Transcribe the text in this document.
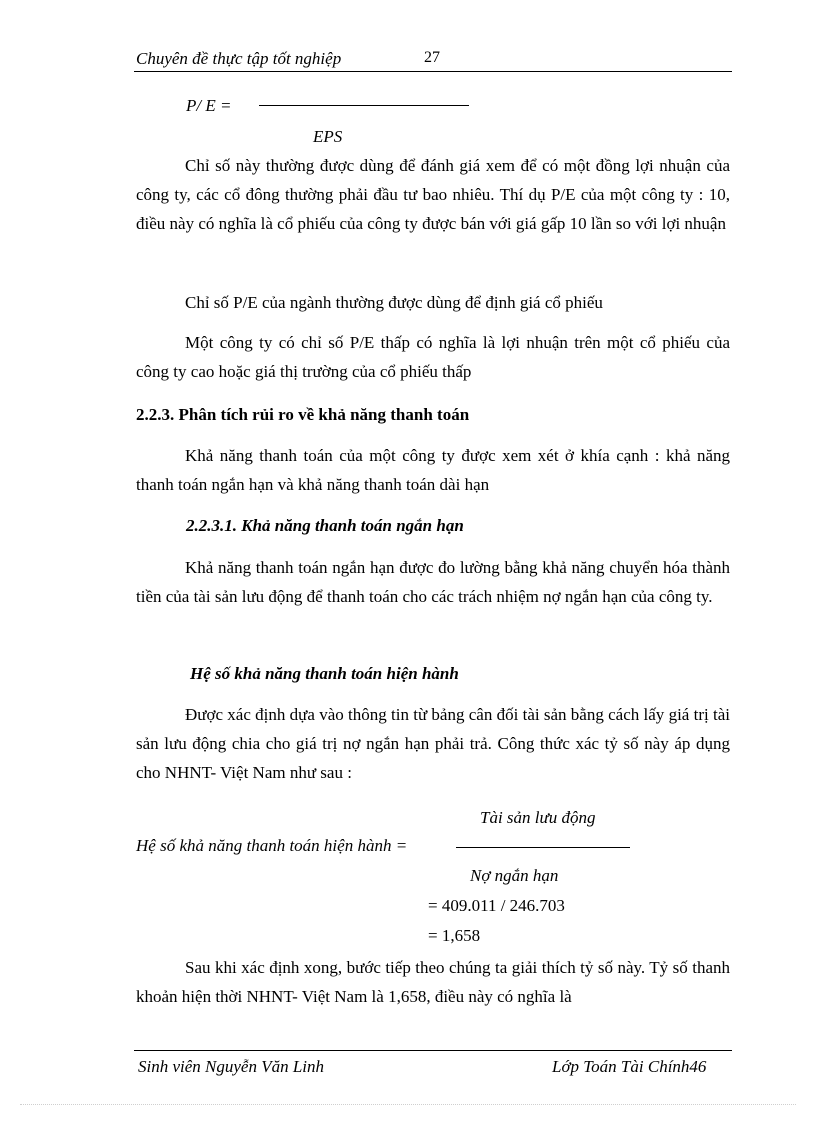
Chuyên đề thực tập tốt nghiệp	27
P/ E =
EPS

Chỉ số này thường được dùng để đánh giá xem để có một đồng lợi nhuận của công ty, các cổ đông thường phải đầu tư bao nhiêu. Thí dụ P/E của một công ty : 10, điều này có nghĩa là cổ phiếu của công ty được bán với giá gấp 10 lần so với lợi nhuận

Chỉ số P/E của ngành thường được dùng để định giá cổ phiếu

Một công ty có chỉ số P/E thấp có nghĩa là lợi nhuận trên một cổ phiếu của công ty cao hoặc giá thị trường của cổ phiếu thấp

2.2.3. Phân tích rủi ro về khả năng thanh toán

Khả năng thanh toán của một công ty được xem xét ở khía cạnh : khả năng thanh toán ngắn hạn và khả năng thanh toán dài hạn

2.2.3.1. Khả năng thanh toán ngắn hạn

Khả năng thanh toán ngắn hạn được đo lường bằng khả năng chuyển hóa thành tiền của tài sản lưu động để thanh toán cho các trách nhiệm nợ ngắn hạn của công ty.

Hệ số khả năng thanh toán hiện hành

Được xác định dựa vào thông tin từ bảng cân đối tài sản bằng cách lấy giá trị tài sản lưu động chia cho giá trị nợ ngắn hạn phải trả. Công thức xác tỷ số này áp dụng cho NHNT- Việt Nam như sau :

Tài sản lưu động
Hệ số khả năng thanh toán hiện hành =
Nợ ngắn hạn
= 409.011 / 246.703
= 1,658

Sau khi xác định xong, bước tiếp theo chúng ta giải thích tỷ số này. Tỷ số thanh khoản hiện thời NHNT- Việt Nam là 1,658, điều này có nghĩa là

Sinh viên Nguyễn Văn Linh	Lớp Toán Tài Chính46
